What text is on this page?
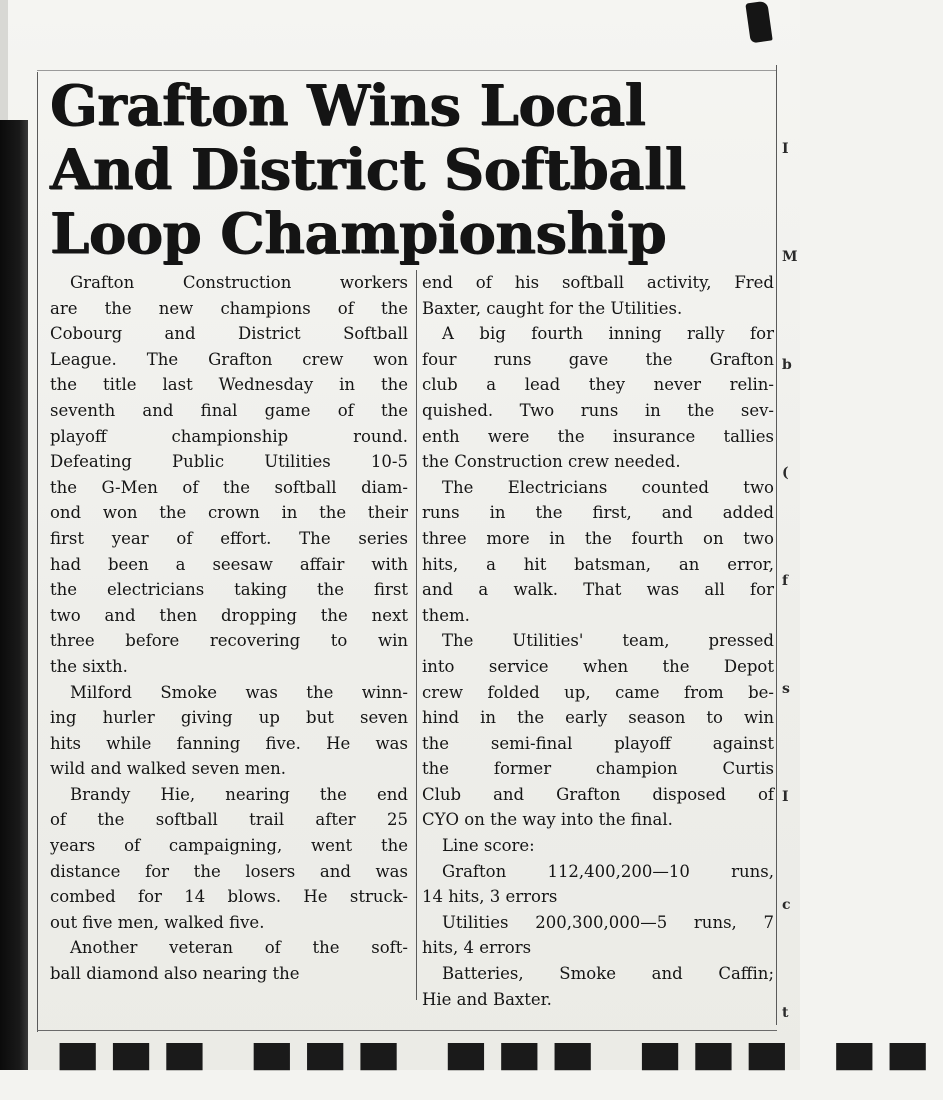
Grafton Wins Local
And District Softball
Loop Championship

Grafton Construction workers
are the new champions of the
Cobourg and District Softball
League. The Grafton crew won
the title last Wednesday in the
seventh and final game of the
playoff championship round.
Defeating Public Utilities 10-5
the G-Men of the softball diam-
ond won the crown in the their
first year of effort. The series
had been a seesaw affair with
the electricians taking the first
two and then dropping the next
three before recovering to win
the sixth.

Milford Smoke was the winn-
ing hurler giving up but seven
hits while fanning five. He was
wild and walked seven men.

Brandy Hie, nearing the end
of the softball trail after 25
years of campaigning, went the
distance for the losers and was
combed for 14 blows. He struck-
out five men, walked five.

Another veteran of the soft-
ball diamond also nearing the

end of his softball activity, Fred
Baxter, caught for the Utilities.

A big fourth inning rally for
four runs gave the Grafton
club a lead they never relin-
quished. Two runs in the sev-
enth were the insurance tallies
the Construction crew needed.

The Electricians counted two
runs in the first, and added
three more in the fourth on two
hits, a hit batsman, an error,
and a walk. That was all for
them.

The Utilities' team, pressed
into service when the Depot
crew folded up, came from be-
hind in the early season to win
the semi-final playoff against
the former champion Curtis
Club and Grafton disposed of
CYO on the way into the final.

Line score:

Grafton 112,400,200—10 runs,
14 hits, 3 errors

Utilities 200,300,000—5 runs, 7
hits, 4 errors

Batteries, Smoke and Caffin;
Hie and Baxter.

I
M
b
(
f
s
I
c
t
▀▀▀ ▀▀▀ ▀▀▀ ▀▀▀ ▀▀
